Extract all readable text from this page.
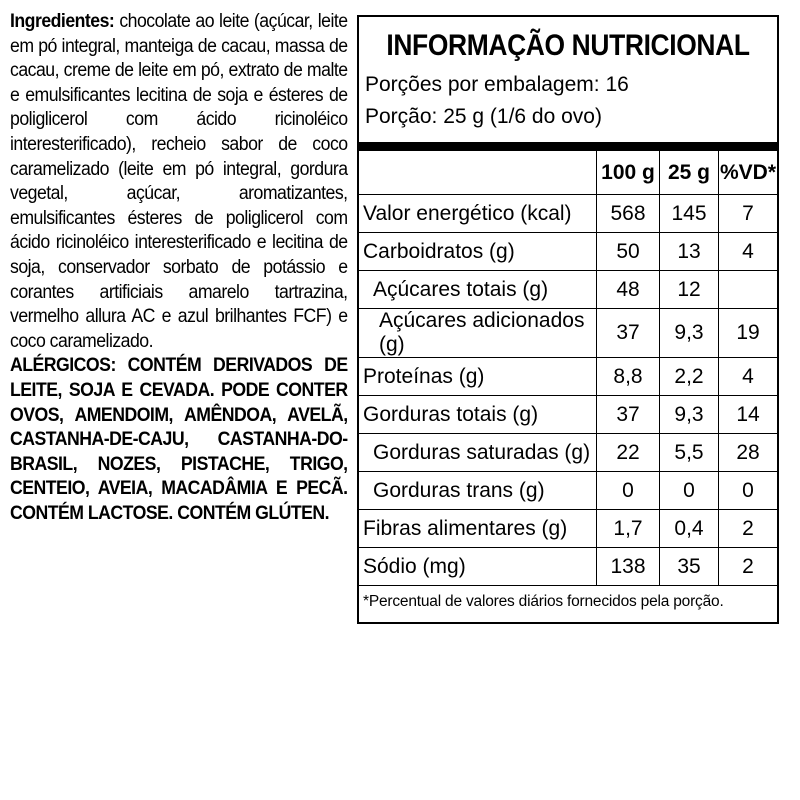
Ingredientes: chocolate ao leite (açúcar, leite em pó integral, manteiga de cacau, massa de cacau, creme de leite em pó, extrato de malte e emulsificantes lecitina de soja e ésteres de poliglicerol com ácido ricinoléico interesterificado), recheio sabor de coco caramelizado (leite em pó integral, gordura vegetal, açúcar, aromatizantes, emulsificantes ésteres de poliglicerol com ácido ricinoléico interesterificado e lecitina de soja, conservador sorbato de potássio e corantes artificiais amarelo tartrazina, vermelho allura AC e azul brilhantes FCF) e coco caramelizado.
ALÉRGICOS: CONTÉM DERIVADOS DE LEITE, SOJA E CEVADA. PODE CONTER OVOS, AMENDOIM, AMÊNDOA, AVELÃ, CASTANHA-DE-CAJU, CASTANHA-DO-BRASIL, NOZES, PISTACHE, TRIGO, CENTEIO, AVEIA, MACADÂMIA E PECÃ. CONTÉM LACTOSE. CONTÉM GLÚTEN.
INFORMAÇÃO NUTRICIONAL
Porções por embalagem: 16
Porção: 25 g (1/6 do ovo)
	100 g	25 g	%VD*
Valor energético (kcal)	568	145	7
Carboidratos (g)	50	13	4
Açúcares totais (g)	48	12	
Açúcares adicionados (g)	37	9,3	19
Proteínas (g)	8,8	2,2	4
Gorduras totais (g)	37	9,3	14
Gorduras saturadas (g)	22	5,5	28
Gorduras trans (g)	0	0	0
Fibras alimentares (g)	1,7	0,4	2
Sódio (mg)	138	35	2
*Percentual de valores diários fornecidos pela porção.
